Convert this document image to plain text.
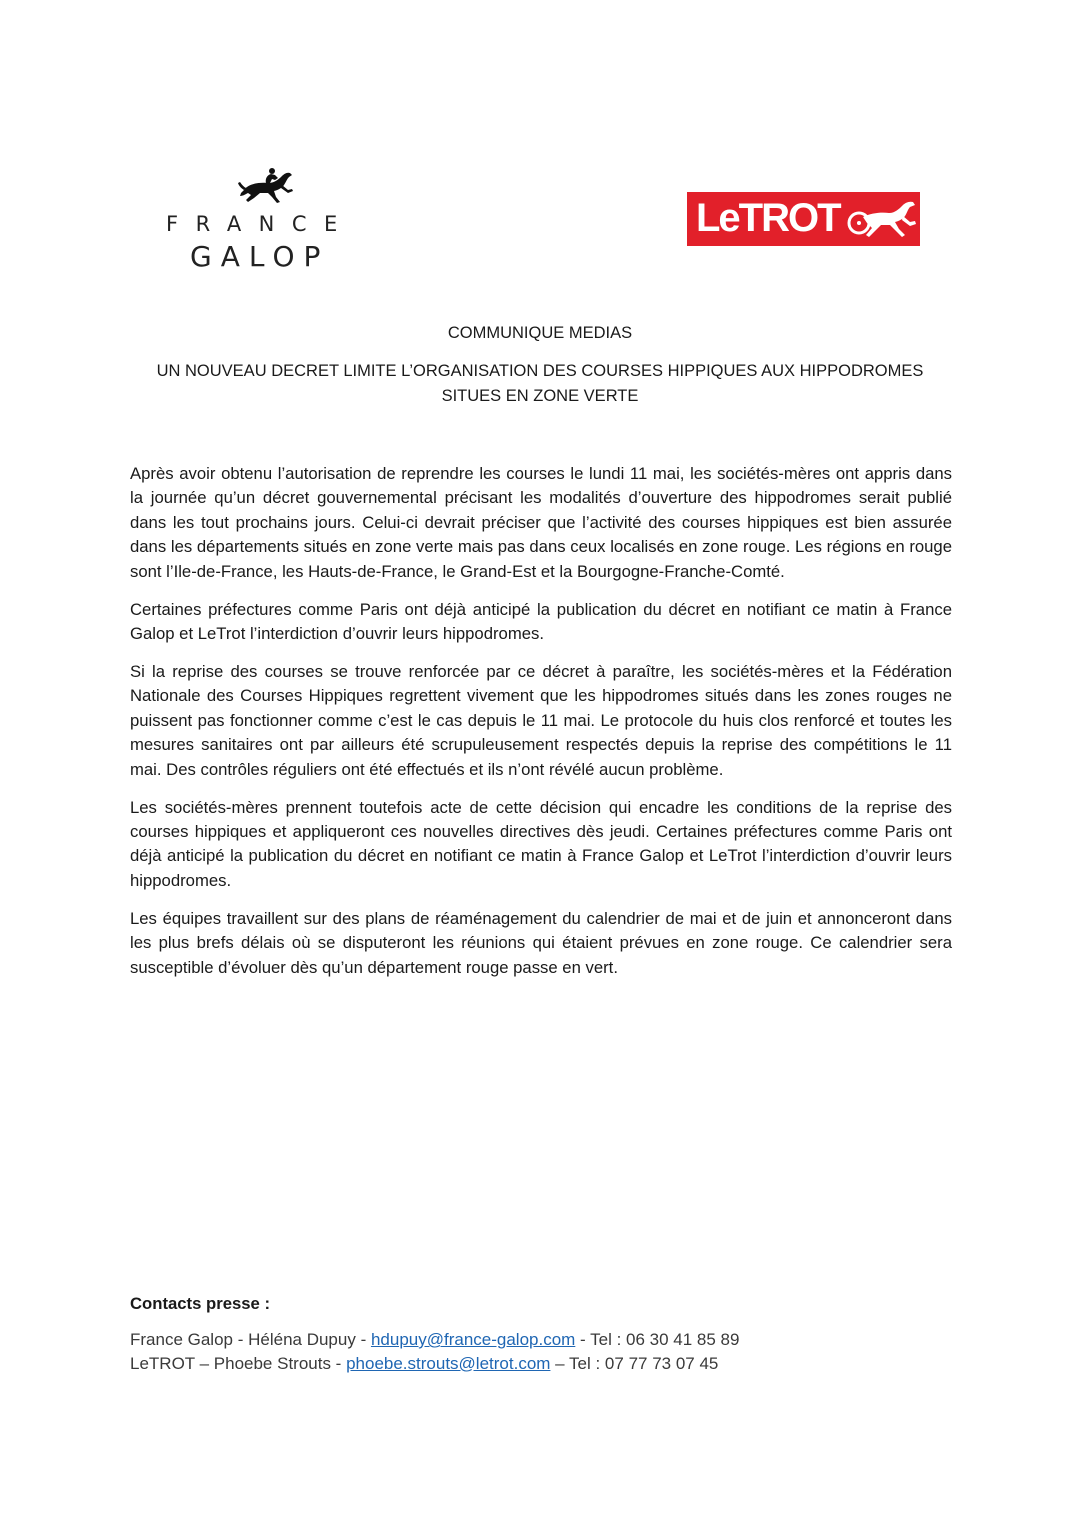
FRANCE
GALOP
LeTROT
COMMUNIQUE MEDIAS
UN NOUVEAU DECRET LIMITE L’ORGANISATION DES COURSES HIPPIQUES AUX HIPPODROMES SITUES EN ZONE VERTE

Après avoir obtenu l’autorisation de reprendre les courses le lundi 11 mai, les sociétés-mères ont appris dans la journée qu’un décret gouvernemental précisant les modalités d’ouverture des hippodromes serait publié dans les tout prochains jours. Celui-ci devrait préciser que l’activité des courses hippiques est bien assurée dans les départements situés en zone verte mais pas dans ceux localisés en zone rouge. Les régions en rouge sont l’Ile-de-France, les Hauts-de-France, le Grand-Est et la Bourgogne-Franche-Comté.

Certaines préfectures comme Paris ont déjà anticipé la publication du décret en notifiant ce matin à France Galop et LeTrot l’interdiction d’ouvrir leurs hippodromes.

Si la reprise des courses se trouve renforcée par ce décret à paraître, les sociétés-mères et la Fédération Nationale des Courses Hippiques regrettent vivement que les hippodromes situés dans les zones rouges ne puissent pas fonctionner comme c’est le cas depuis le 11 mai. Le protocole du huis clos renforcé et toutes les mesures sanitaires ont par ailleurs été scrupuleusement respectés depuis la reprise des compétitions le 11 mai. Des contrôles réguliers ont été effectués et ils n’ont révélé aucun problème.

Les sociétés-mères prennent toutefois acte de cette décision qui encadre les conditions de la reprise des courses hippiques et appliqueront ces nouvelles directives dès jeudi. Certaines préfectures comme Paris ont déjà anticipé la publication du décret en notifiant ce matin à France Galop et LeTrot l’interdiction d’ouvrir leurs hippodromes.

Les équipes travaillent sur des plans de réaménagement du calendrier de mai et de juin et annonceront dans les plus brefs délais où se disputeront les réunions qui étaient prévues en zone rouge. Ce calendrier sera susceptible d’évoluer dès qu’un département rouge passe en vert.

Contacts presse :
France Galop - Héléna Dupuy - hdupuy@france-galop.com - Tel : 06 30 41 85 89
LeTROT – Phoebe Strouts - phoebe.strouts@letrot.com – Tel : 07 77 73 07 45
